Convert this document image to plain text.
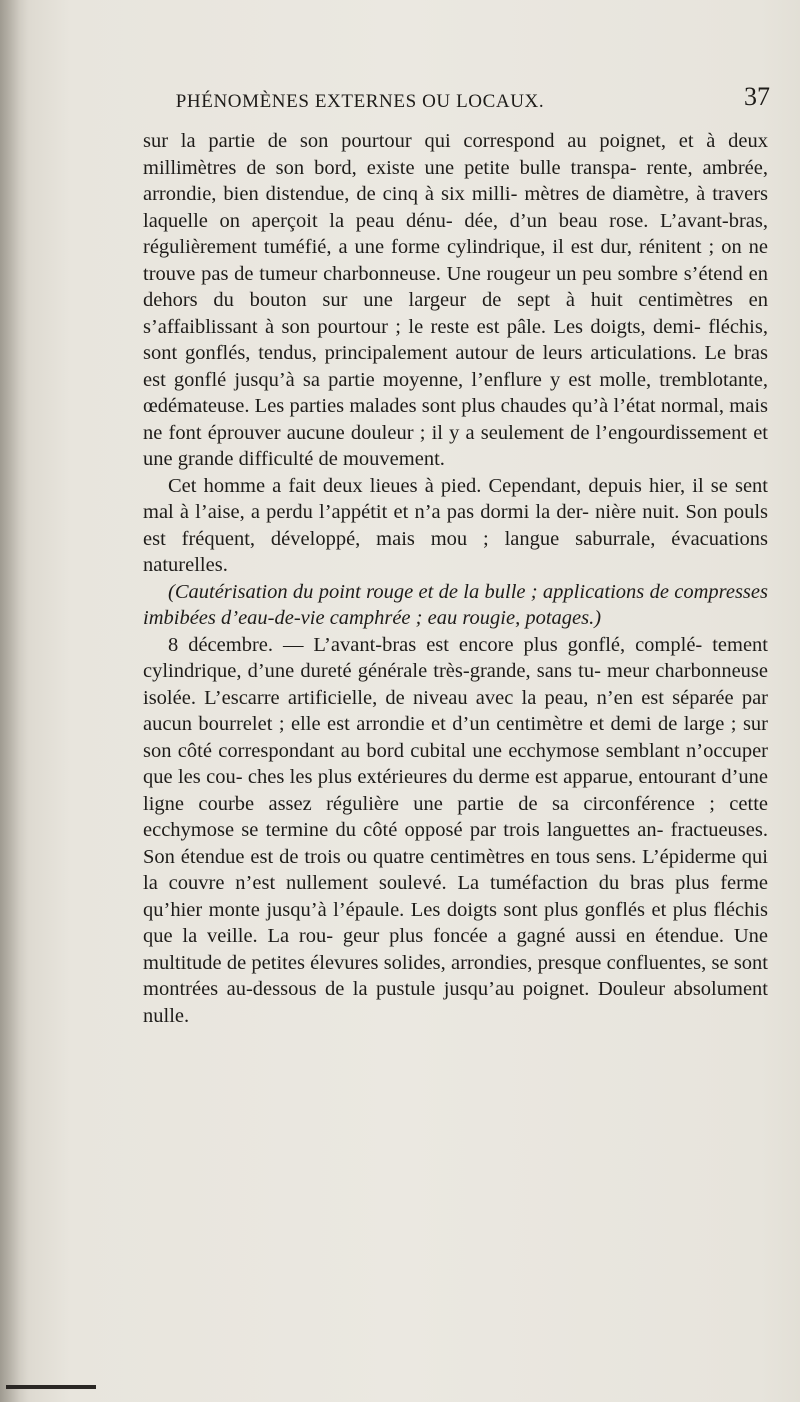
PHÉNOMÈNES EXTERNES OU LOCAUX.	37

sur la partie de son pourtour qui correspond au poignet, et à deux millimètres de son bord, existe une petite bulle transpa- rente, ambrée, arrondie, bien distendue, de cinq à six milli- mètres de diamètre, à travers laquelle on aperçoit la peau dénu- dée, d’un beau rose. L’avant-bras, régulièrement tuméfié, a une forme cylindrique, il est dur, rénitent ; on ne trouve pas de tumeur charbonneuse. Une rougeur un peu sombre s’étend en dehors du bouton sur une largeur de sept à huit centimètres en s’affaiblissant à son pourtour ; le reste est pâle. Les doigts, demi- fléchis, sont gonflés, tendus, principalement autour de leurs articulations. Le bras est gonflé jusqu’à sa partie moyenne, l’enflure y est molle, tremblotante, œdémateuse. Les parties malades sont plus chaudes qu’à l’état normal, mais ne font éprouver aucune douleur ; il y a seulement de l’engourdissement et une grande difficulté de mouvement.

Cet homme a fait deux lieues à pied. Cependant, depuis hier, il se sent mal à l’aise, a perdu l’appétit et n’a pas dormi la der- nière nuit. Son pouls est fréquent, développé, mais mou ; langue saburrale, évacuations naturelles.

(Cautérisation du point rouge et de la bulle ; applications de compresses imbibées d’eau-de-vie camphrée ; eau rougie, potages.)

8 décembre. — L’avant-bras est encore plus gonflé, complé- tement cylindrique, d’une dureté générale très-grande, sans tu- meur charbonneuse isolée. L’escarre artificielle, de niveau avec la peau, n’en est séparée par aucun bourrelet ; elle est arrondie et d’un centimètre et demi de large ; sur son côté correspondant au bord cubital une ecchymose semblant n’occuper que les cou- ches les plus extérieures du derme est apparue, entourant d’une ligne courbe assez régulière une partie de sa circonférence ; cette ecchymose se termine du côté opposé par trois languettes an- fractueuses. Son étendue est de trois ou quatre centimètres en tous sens. L’épiderme qui la couvre n’est nullement soulevé. La tuméfaction du bras plus ferme qu’hier monte jusqu’à l’épaule. Les doigts sont plus gonflés et plus fléchis que la veille. La rou- geur plus foncée a gagné aussi en étendue. Une multitude de petites élevures solides, arrondies, presque confluentes, se sont montrées au-dessous de la pustule jusqu’au poignet. Douleur absolument nulle.
